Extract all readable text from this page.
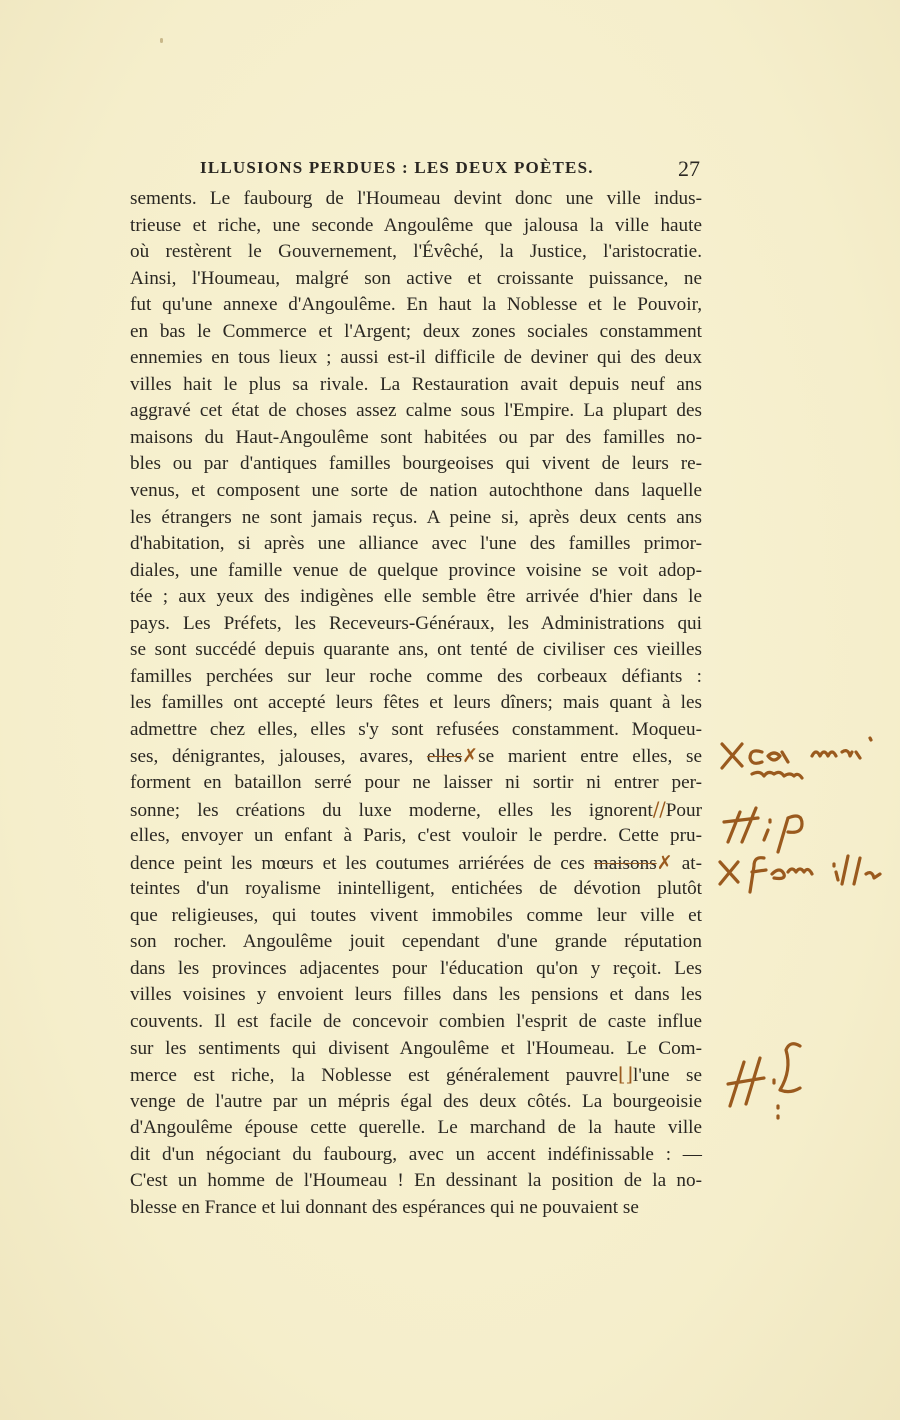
ILLUSIONS PERDUES : LES DEUX POÈTES.	27
sements. Le faubourg de l'Houmeau devint donc une ville indus-
trieuse et riche, une seconde Angoulême que jalousa la ville haute
où restèrent le Gouvernement, l'Évêché, la Justice, l'aristocratie.
Ainsi, l'Houmeau, malgré son active et croissante puissance, ne
fut qu'une annexe d'Angoulême. En haut la Noblesse et le Pouvoir,
en bas le Commerce et l'Argent; deux zones sociales constamment
ennemies en tous lieux ; aussi est-il difficile de deviner qui des deux
villes hait le plus sa rivale. La Restauration avait depuis neuf ans
aggravé cet état de choses assez calme sous l'Empire. La plupart des
maisons du Haut-Angoulême sont habitées ou par des familles no-
bles ou par d'antiques familles bourgeoises qui vivent de leurs re-
venus, et composent une sorte de nation autochthone dans laquelle
les étrangers ne sont jamais reçus. A peine si, après deux cents ans
d'habitation, si après une alliance avec l'une des familles primor-
diales, une famille venue de quelque province voisine se voit adop-
tée ; aux yeux des indigènes elle semble être arrivée d'hier dans le
pays. Les Préfets, les Receveurs-Généraux, les Administrations qui
se sont succédé depuis quarante ans, ont tenté de civiliser ces vieilles
familles perchées sur leur roche comme des corbeaux défiants :
les familles ont accepté leurs fêtes et leurs dîners; mais quant à les
admettre chez elles, elles s'y sont refusées constamment. Moqueu-
ses, dénigrantes, jalouses, avares, elles✗se marient entre elles, se
forment en bataillon serré pour ne laisser ni sortir ni entrer per-
sonne; les créations du luxe moderne, elles les ignorent//Pour
elles, envoyer un enfant à Paris, c'est vouloir le perdre. Cette pru-
dence peint les mœurs et les coutumes arriérées de ces maisons✗ at-
teintes d'un royalisme inintelligent, entichées de dévotion plutôt
que religieuses, qui toutes vivent immobiles comme leur ville et
son rocher. Angoulême jouit cependant d'une grande réputation
dans les provinces adjacentes pour l'éducation qu'on y reçoit. Les
villes voisines y envoient leurs filles dans les pensions et dans les
couvents. Il est facile de concevoir combien l'esprit de caste influe
sur les sentiments qui divisent Angoulême et l'Houmeau. Le Com-
merce est riche, la Noblesse est généralement pauvre⌊⌋l'une se
venge de l'autre par un mépris égal des deux côtés. La bourgeoisie
d'Angoulême épouse cette querelle. Le marchand de la haute ville
dit d'un négociant du faubourg, avec un accent indéfinissable : —
C'est un homme de l'Houmeau ! En dessinant la position de la no-
blesse en France et lui donnant des espérances qui ne pouvaient se
